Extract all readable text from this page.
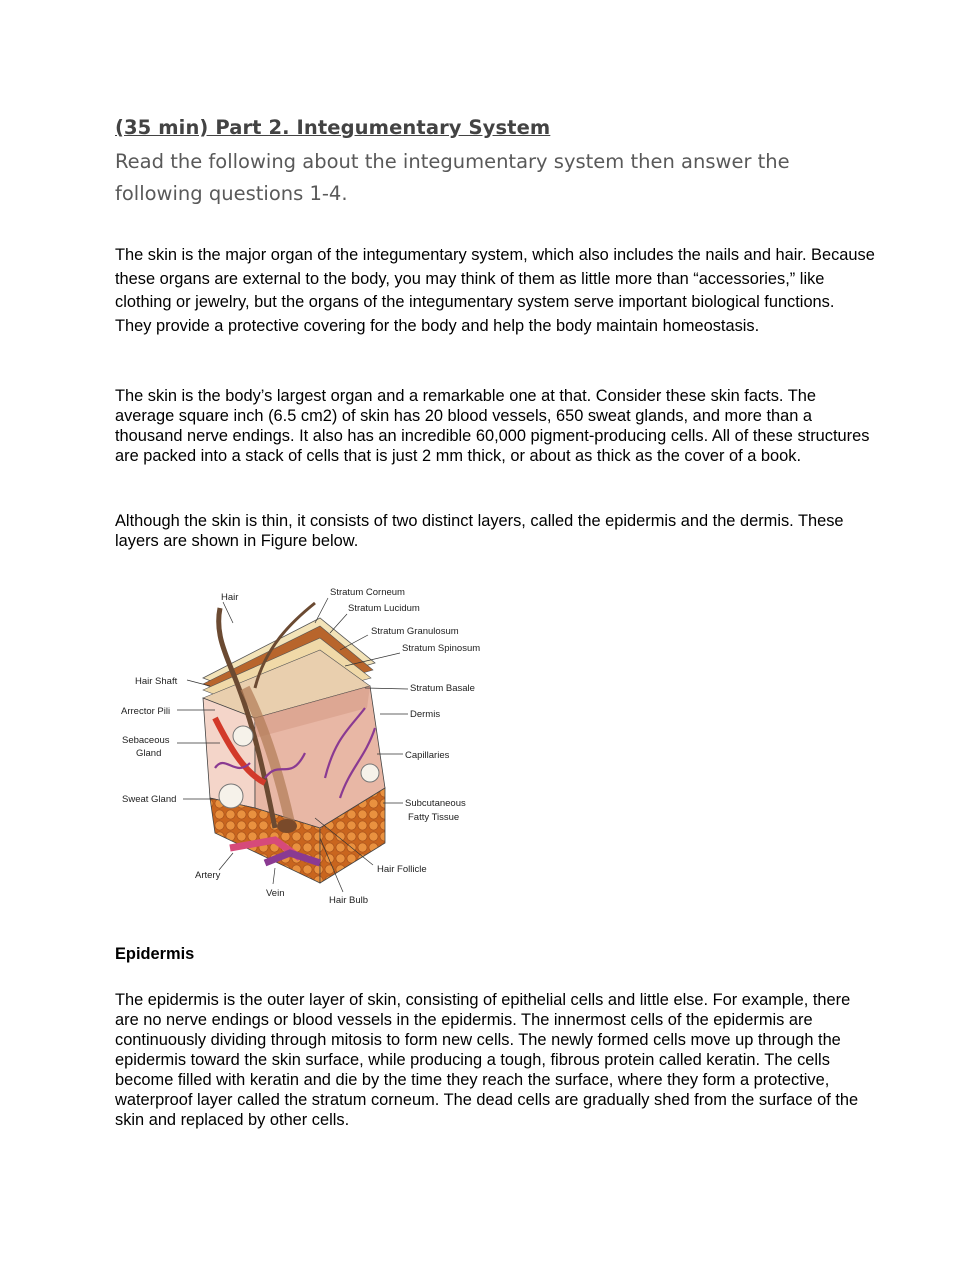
(35 min) Part 2. Integumentary System
Read the following about the integumentary system then answer the following questions 1-4.
The skin is the major organ of the integumentary system, which also includes the nails and hair. Because these organs are external to the body, you may think of them as little more than “accessories,” like clothing or jewelry, but the organs of the integumentary system serve important biological functions. They provide a protective covering for the body and help the body maintain homeostasis.
The skin is the body’s largest organ and a remarkable one at that. Consider these skin facts. The average square inch (6.5 cm2) of skin has 20 blood vessels, 650 sweat glands, and more than a thousand nerve endings. It also has an incredible 60,000 pigment-producing cells. All of these structures are packed into a stack of cells that is just 2 mm thick, or about as thick as the cover of a book.
Although the skin is thin, it consists of two distinct layers, called the epidermis and the dermis. These layers are shown in Figure below.
Hair	Stratum Corneum
Stratum Lucidum
Stratum Granulosum
Stratum Spinosum
Hair Shaft
Stratum Basale
Arrector Pili	Dermis
Sebaceous
Gland	Capillaries
Sweat Gland	Subcutaneous
Fatty Tissue
Hair Follicle
Artery
Vein
Hair Bulb
Epidermis
The epidermis is the outer layer of skin, consisting of epithelial cells and little else. For example, there are no nerve endings or blood vessels in the epidermis. The innermost cells of the epidermis are continuously dividing through mitosis to form new cells. The newly formed cells move up through the epidermis toward the skin surface, while producing a tough, fibrous protein called keratin. The cells become filled with keratin and die by the time they reach the surface, where they form a protective, waterproof layer called the stratum corneum. The dead cells are gradually shed from the surface of the skin and replaced by other cells.
